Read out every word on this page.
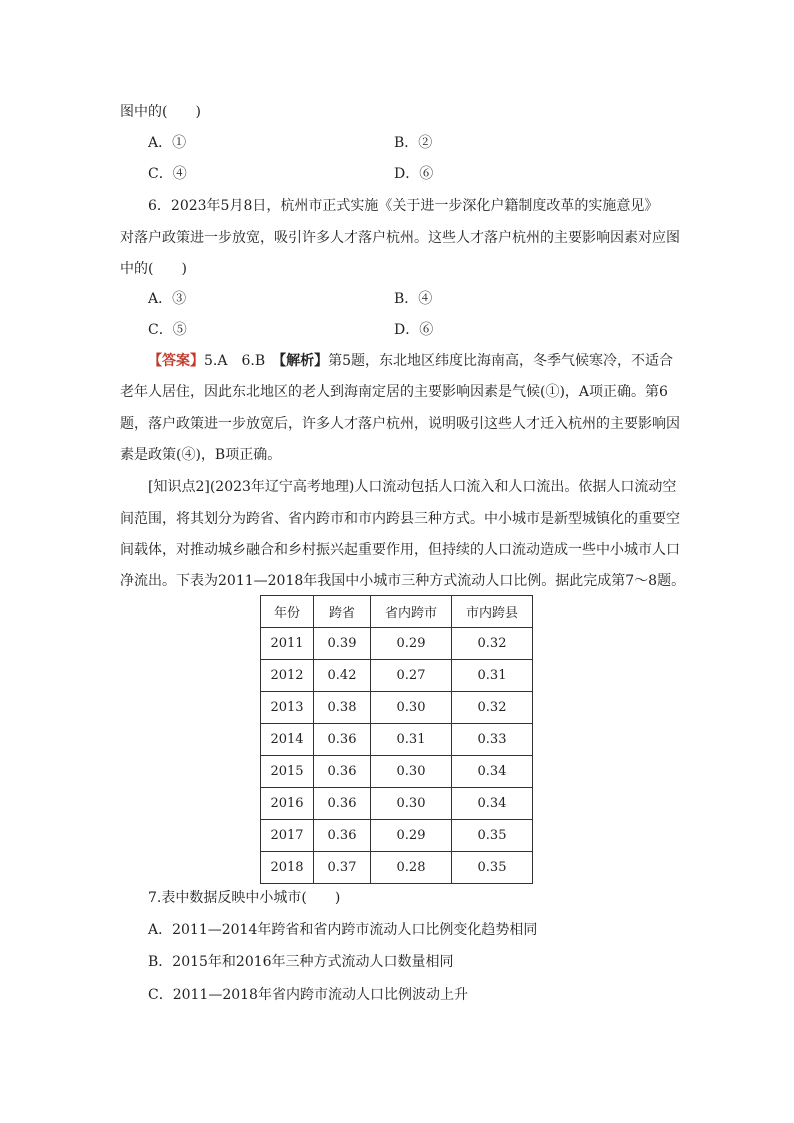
图中的(　　)
A．①	B．②
C．④	D．⑥
6．2023年5月8日，杭州市正式实施《关于进一步深化户籍制度改革的实施意见》
对落户政策进一步放宽，吸引许多人才落户杭州。这些人才落户杭州的主要影响因素对应图
中的(　　)
A．③	B．④
C．⑤	D．⑥
【答案】5.A　6.B　【解析】第5题，东北地区纬度比海南高，冬季气候寒冷，不适合
老年人居住，因此东北地区的老人到海南定居的主要影响因素是气候(①)，A项正确。第6
题，落户政策进一步放宽后，许多人才落户杭州，说明吸引这些人才迁入杭州的主要影响因
素是政策(④)，B项正确。
[知识点2](2023年辽宁高考地理)人口流动包括人口流入和人口流出。依据人口流动空
间范围，将其划分为跨省、省内跨市和市内跨县三种方式。中小城市是新型城镇化的重要空
间载体，对推动城乡融合和乡村振兴起重要作用，但持续的人口流动造成一些中小城市人口
净流出。下表为2011—2018年我国中小城市三种方式流动人口比例。据此完成第7～8题。
年份	跨省	省内跨市	市内跨县
2011	0.39	0.29	0.32
2012	0.42	0.27	0.31
2013	0.38	0.30	0.32
2014	0.36	0.31	0.33
2015	0.36	0.30	0.34
2016	0.36	0.30	0.34
2017	0.36	0.29	0.35
2018	0.37	0.28	0.35
7.表中数据反映中小城市(　　)
A．2011—2014年跨省和省内跨市流动人口比例变化趋势相同
B．2015年和2016年三种方式流动人口数量相同
C．2011—2018年省内跨市流动人口比例波动上升
